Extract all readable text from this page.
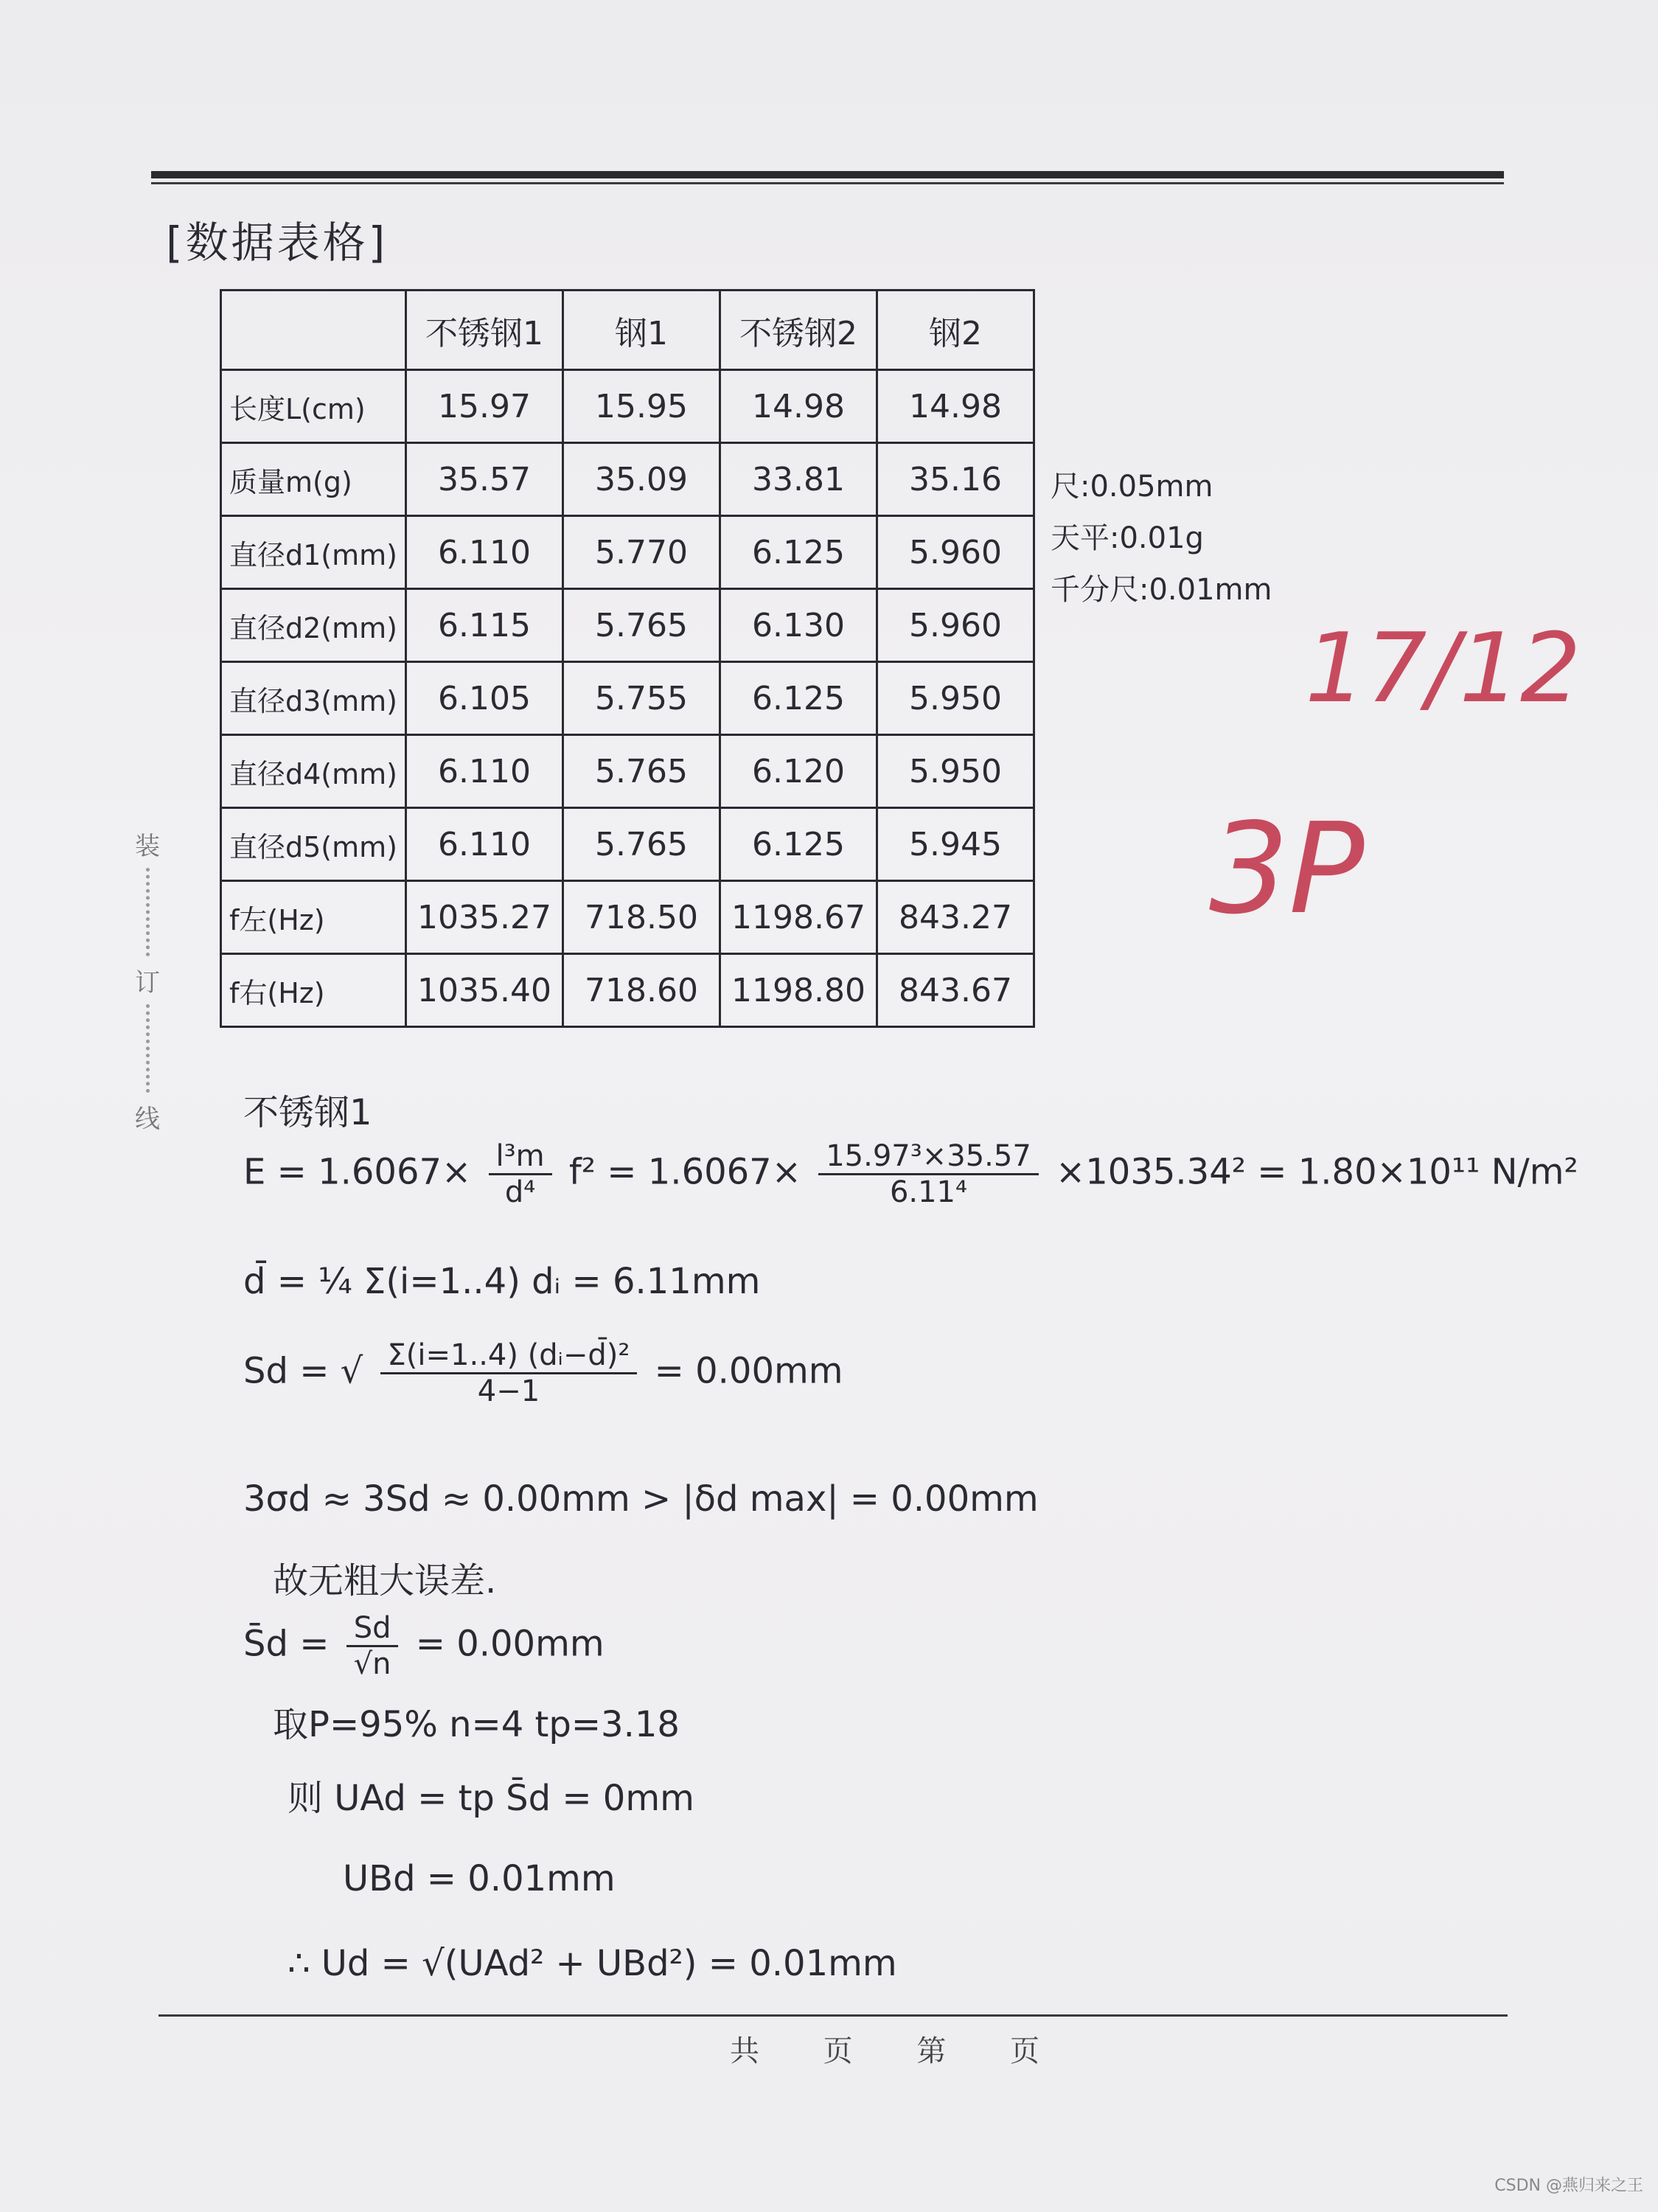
装
订
线
[数据表格]
	不锈钢1	钢1	不锈钢2	钢2
长度L(cm)	15.97	15.95	14.98	14.98
质量m(g)	35.57	35.09	33.81	35.16
直径d1(mm)	6.110	5.770	6.125	5.960
直径d2(mm)	6.115	5.765	6.130	5.960
直径d3(mm)	6.105	5.755	6.125	5.950
直径d4(mm)	6.110	5.765	6.120	5.950
直径d5(mm)	6.110	5.765	6.125	5.945
f左(Hz)	1035.27	718.50	1198.67	843.27
f右(Hz)	1035.40	718.60	1198.80	843.67
尺:0.05mm
天平:0.01g
千分尺:0.01mm
17/12
3P
不锈钢1
$E = 1.6067\times \frac{\text{l³m}}{\text{d⁴}} f^2 = 1.6067\times \frac{\text{15.97³×35.57}}{\text{6.11⁴}} \times 1035.34^2 = 1.80\times 10^{11}$ N/m²
d̄ = ¼ Σ(i=1..4) dᵢ = 6.11mm
Sd = √ $\frac{\text{Σ(i=1..4) (dᵢ−d̄)²}}{4-1} = 0.00mm$
3σd ≈ 3Sd ≈ 0.00mm > |δd max| = 0.00mm
故无粗大误差.
S̄d = $\frac{Sd}{√n} = 0.00mm$
取P=95% n=4 tp=3.18
则 UAd = tp S̄d = 0mm
UBd = 0.01mm
∴ Ud = √(UAd² + UBd²) = 0.01mm
共 页 第 页
CSDN @燕归来之王
